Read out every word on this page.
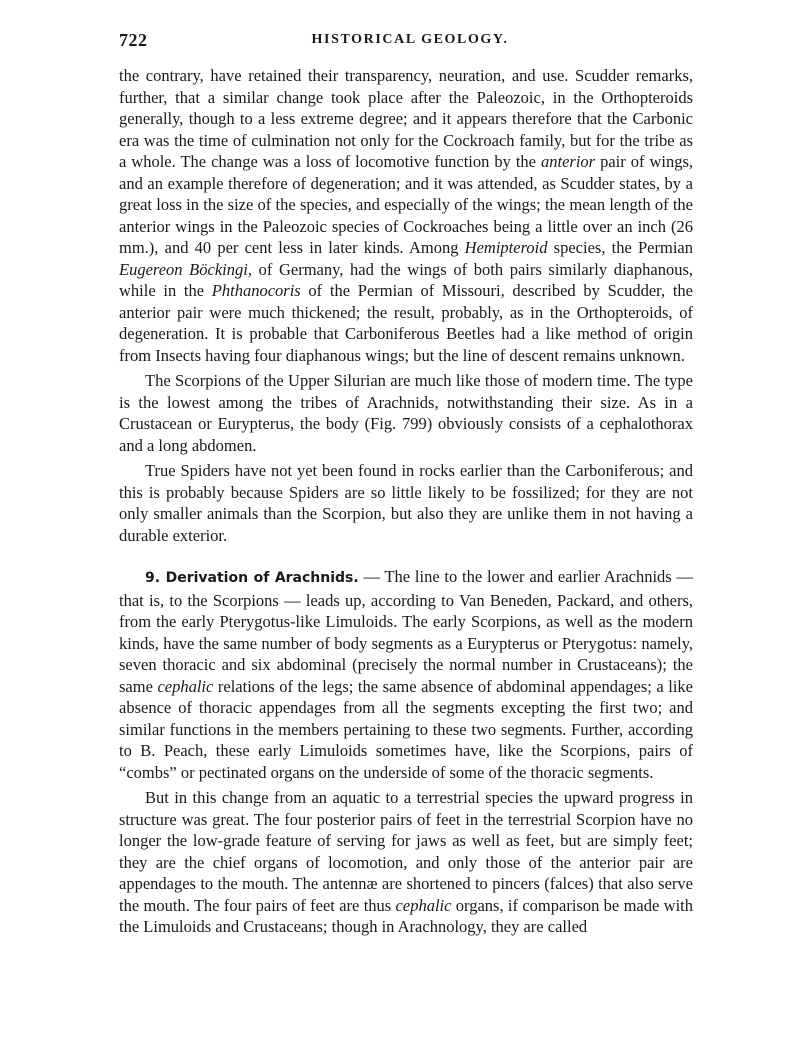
722	HISTORICAL GEOLOGY.

the contrary, have retained their transparency, neuration, and use. Scudder remarks, further, that a similar change took place after the Paleozoic, in the Orthopteroids generally, though to a less extreme degree; and it appears therefore that the Carbonic era was the time of culmination not only for the Cockroach family, but for the tribe as a whole. The change was a loss of locomotive function by the anterior pair of wings, and an example therefore of degeneration; and it was attended, as Scudder states, by a great loss in the size of the species, and especially of the wings; the mean length of the anterior wings in the Paleozoic species of Cockroaches being a little over an inch (26 mm.), and 40 per cent less in later kinds. Among Hemipteroid species, the Permian Eugereon Böckingi, of Germany, had the wings of both pairs similarly diaphanous, while in the Phthanocoris of the Permian of Missouri, described by Scudder, the anterior pair were much thickened; the result, probably, as in the Orthopteroids, of degeneration. It is probable that Carboniferous Beetles had a like method of origin from Insects having four diaphanous wings; but the line of descent remains unknown.

The Scorpions of the Upper Silurian are much like those of modern time. The type is the lowest among the tribes of Arachnids, notwithstanding their size. As in a Crustacean or Eurypterus, the body (Fig. 799) obviously consists of a cephalothorax and a long abdomen.

True Spiders have not yet been found in rocks earlier than the Carboniferous; and this is probably because Spiders are so little likely to be fossilized; for they are not only smaller animals than the Scorpion, but also they are unlike them in not having a durable exterior.

9. Derivation of Arachnids. — The line to the lower and earlier Arachnids — that is, to the Scorpions — leads up, according to Van Beneden, Packard, and others, from the early Pterygotus-like Limuloids. The early Scorpions, as well as the modern kinds, have the same number of body segments as a Eurypterus or Pterygotus: namely, seven thoracic and six abdominal (precisely the normal number in Crustaceans); the same cephalic relations of the legs; the same absence of abdominal appendages; a like absence of thoracic appendages from all the segments excepting the first two; and similar functions in the members pertaining to these two segments. Further, according to B. Peach, these early Limuloids sometimes have, like the Scorpions, pairs of “combs” or pectinated organs on the underside of some of the thoracic segments.

But in this change from an aquatic to a terrestrial species the upward progress in structure was great. The four posterior pairs of feet in the terrestrial Scorpion have no longer the low-grade feature of serving for jaws as well as feet, but are simply feet; they are the chief organs of locomotion, and only those of the anterior pair are appendages to the mouth. The antennæ are shortened to pincers (falces) that also serve the mouth. The four pairs of feet are thus cephalic organs, if comparison be made with the Limuloids and Crustaceans; though in Arachnology, they are called
